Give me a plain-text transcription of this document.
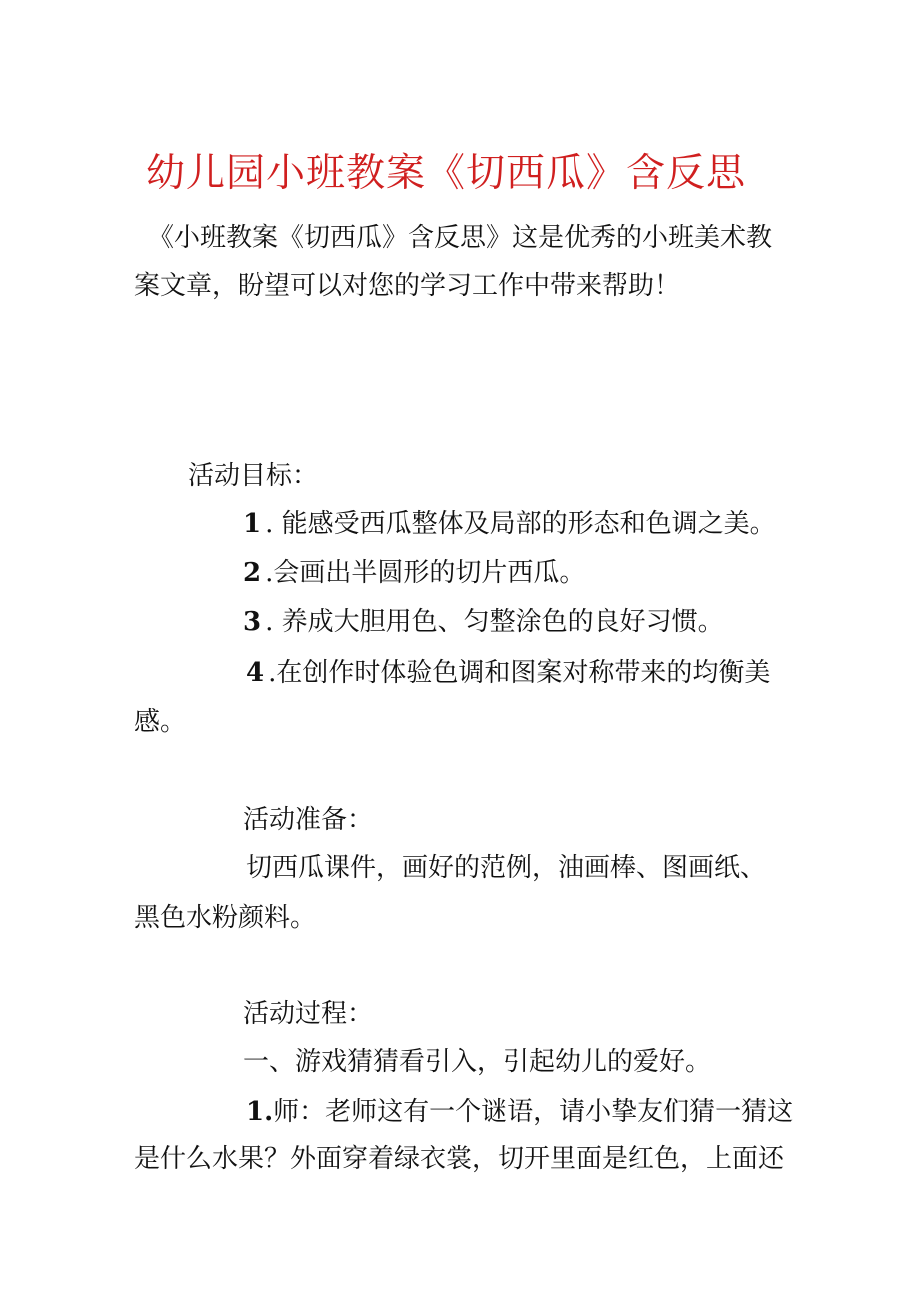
幼儿园小班教案《切西瓜》含反思
《小班教案《切西瓜》含反思》这是优秀的小班美术教
案文章，盼望可以对您的学习工作中带来帮助！
活动目标：
1 . 能感受西瓜整体及局部的形态和色调之美。
2 .会画出半圆形的切片西瓜。
3 . 养成大胆用色、匀整涂色的良好习惯。
4 .在创作时体验色调和图案对称带来的均衡美
感。
活动准备：
切西瓜课件，画好的范例，油画棒、图画纸、
黑色水粉颜料。
活动过程：
一、游戏猜猜看引入，引起幼儿的爱好。
1.师：老师这有一个谜语，请小挚友们猜一猜这
是什么水果？外面穿着绿衣裳，切开里面是红色，上面还
